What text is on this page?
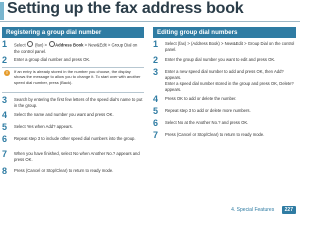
Setting up the fax address book
Registering a group dial number
1 Select  (fax) > Address Book > New&Edit > Group Dial on the control panel.
2 Enter a group dial number and press OK.
!	If an entry is already stored in the number you choose, the display shows the message to allow you to change it. To start over with another speed dial number, press (Back).
3 Search by entering the first few letters of the speed dial's name to put in the group.
4 Select the name and number you want and press OK.
5 Select Yes when Add? appears.
6 Repeat step 3 to include other speed dial numbers into the group.
7 When you have finished, select No when Another No.? appears and press OK.
8 Press (Cancel or Stop/Clear) to return to ready mode.
Editing group dial numbers
1 Select (fax) > (Address Book) > New&Edit > Group Dial on the control panel.
2 Enter the group dial number you want to edit and press OK.
3 Enter a new speed dial number to add and press OK, then Add? appears.
Enter a speed dial number stored in the group and press OK, Delete? appears.
4 Press OK to add or delete the number.
5 Repeat step 3 to add or delete more numbers.
6 Select No at the Another No.? and press OK.
7 Press (Cancel or Stop/Clear) to return to ready mode.
4. Special Features 227
